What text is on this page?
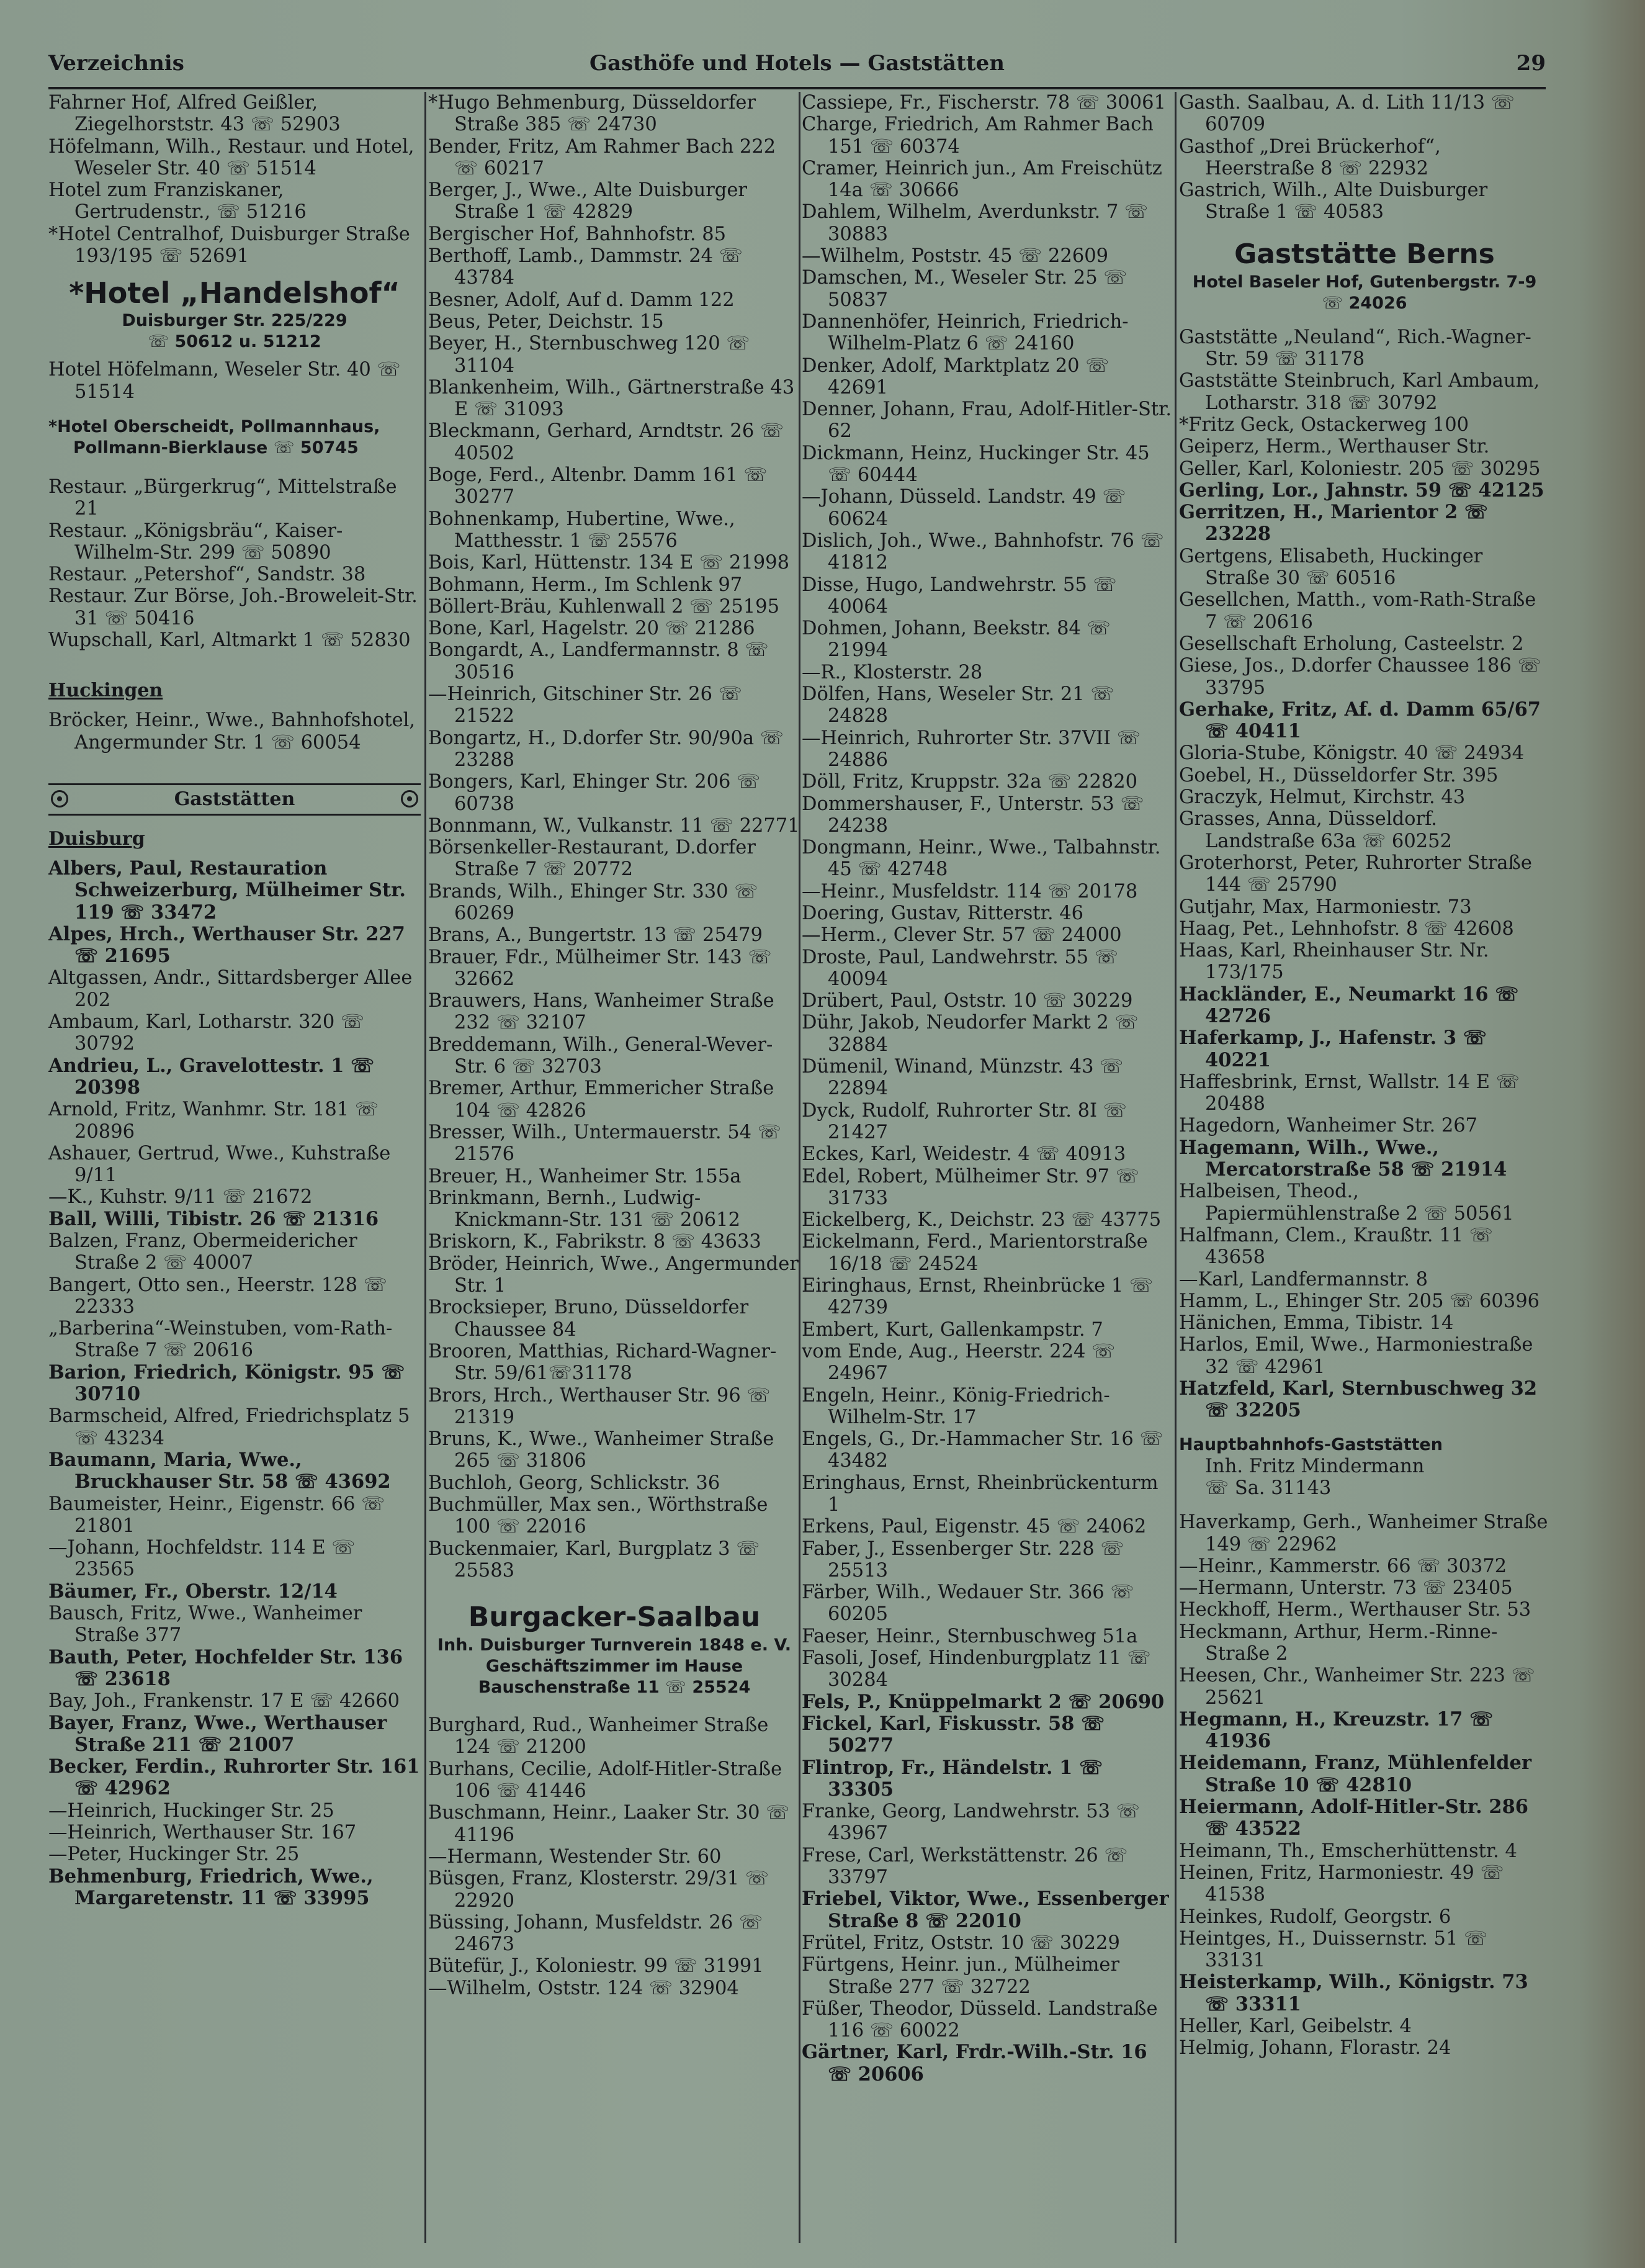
Verzeichnis	Gasthöfe und Hotels — Gaststätten	29
Fahrner Hof, Alfred Geißler, Ziegelhorststr. 43 ☏ 52903
Höfelmann, Wilh., Restaur. und Hotel, Weseler Str. 40 ☏ 51514
Hotel zum Franziskaner, Gertrudenstr., ☏ 51216
*Hotel Centralhof, Duisburger Straße 193/195 ☏ 52691
*Hotel „Handelshof“
Duisburger Str. 225/229
☏ 50612 u. 51212
Hotel Höfelmann, Weseler Str. 40 ☏ 51514
*Hotel Oberscheidt, Pollmannhaus,
Pollmann-Bierklause ☏ 50745
Restaur. „Bürgerkrug“, Mittelstraße 21
Restaur. „Königsbräu“, Kaiser-Wilhelm-Str. 299 ☏ 50890
Restaur. „Petershof“, Sandstr. 38
Restaur. Zur Börse, Joh.-Broweleit-Str. 31 ☏ 50416
Wupschall, Karl, Altmarkt 1 ☏ 52830
Huckingen
Bröcker, Heinr., Wwe., Bahnhofshotel, Angermunder Str. 1 ☏ 60054
Gaststätten
Duisburg
Albers, Paul, Restauration Schweizerburg, Mülheimer Str. 119 ☏ 33472
Alpes, Hrch., Werthauser Str. 227 ☏ 21695
Altgassen, Andr., Sittardsberger Allee 202
Ambaum, Karl, Lotharstr. 320 ☏ 30792
Andrieu, L., Gravelottestr. 1 ☏ 20398
Arnold, Fritz, Wanhmr. Str. 181 ☏ 20896
Ashauer, Gertrud, Wwe., Kuhstraße 9/11
—K., Kuhstr. 9/11 ☏ 21672
Ball, Willi, Tibistr. 26 ☏ 21316
Balzen, Franz, Obermeidericher Straße 2 ☏ 40007
Bangert, Otto sen., Heerstr. 128 ☏ 22333
„Barberina“-Weinstuben, vom-Rath-Straße 7 ☏ 20616
Barion, Friedrich, Königstr. 95 ☏ 30710
Barmscheid, Alfred, Friedrichsplatz 5 ☏ 43234
Baumann, Maria, Wwe., Bruckhauser Str. 58 ☏ 43692
Baumeister, Heinr., Eigenstr. 66 ☏ 21801
—Johann, Hochfeldstr. 114 E ☏ 23565
Bäumer, Fr., Oberstr. 12/14
Bausch, Fritz, Wwe., Wanheimer Straße 377
Bauth, Peter, Hochfelder Str. 136 ☏ 23618
Bay, Joh., Frankenstr. 17 E ☏ 42660
Bayer, Franz, Wwe., Werthauser Straße 211 ☏ 21007
Becker, Ferdin., Ruhrorter Str. 161 ☏ 42962
—Heinrich, Huckinger Str. 25
—Heinrich, Werthauser Str. 167
—Peter, Huckinger Str. 25
Behmenburg, Friedrich, Wwe., Margaretenstr. 11 ☏ 33995
*Hugo Behmenburg, Düsseldorfer Straße 385 ☏ 24730
Bender, Fritz, Am Rahmer Bach 222 ☏ 60217
Berger, J., Wwe., Alte Duisburger Straße 1 ☏ 42829
Bergischer Hof, Bahnhofstr. 85
Berthoff, Lamb., Dammstr. 24 ☏ 43784
Besner, Adolf, Auf d. Damm 122
Beus, Peter, Deichstr. 15
Beyer, H., Sternbuschweg 120 ☏ 31104
Blankenheim, Wilh., Gärtnerstraße 43 E ☏ 31093
Bleckmann, Gerhard, Arndtstr. 26 ☏ 40502
Boge, Ferd., Altenbr. Damm 161 ☏ 30277
Bohnenkamp, Hubertine, Wwe., Matthesstr. 1 ☏ 25576
Bois, Karl, Hüttenstr. 134 E ☏ 21998
Bohmann, Herm., Im Schlenk 97
Böllert-Bräu, Kuhlenwall 2 ☏ 25195
Bone, Karl, Hagelstr. 20 ☏ 21286
Bongardt, A., Landfermannstr. 8 ☏ 30516
—Heinrich, Gitschiner Str. 26 ☏ 21522
Bongartz, H., D.dorfer Str. 90/90a ☏ 23288
Bongers, Karl, Ehinger Str. 206 ☏ 60738
Bonnmann, W., Vulkanstr. 11 ☏ 22771
Börsenkeller-Restaurant, D.dorfer Straße 7 ☏ 20772
Brands, Wilh., Ehinger Str. 330 ☏ 60269
Brans, A., Bungertstr. 13 ☏ 25479
Brauer, Fdr., Mülheimer Str. 143 ☏ 32662
Brauwers, Hans, Wanheimer Straße 232 ☏ 32107
Breddemann, Wilh., General-Wever-Str. 6 ☏ 32703
Bremer, Arthur, Emmericher Straße 104 ☏ 42826
Bresser, Wilh., Untermauerstr. 54 ☏ 21576
Breuer, H., Wanheimer Str. 155a
Brinkmann, Bernh., Ludwig-Knickmann-Str. 131 ☏ 20612
Briskorn, K., Fabrikstr. 8 ☏ 43633
Bröder, Heinrich, Wwe., Angermunder Str. 1
Brocksieper, Bruno, Düsseldorfer Chaussee 84
Brooren, Matthias, Richard-Wagner-Str. 59/61☏31178
Brors, Hrch., Werthauser Str. 96 ☏ 21319
Bruns, K., Wwe., Wanheimer Straße 265 ☏ 31806
Buchloh, Georg, Schlickstr. 36
Buchmüller, Max sen., Wörthstraße 100 ☏ 22016
Buckenmaier, Karl, Burgplatz 3 ☏ 25583
Burgacker-Saalbau
Inh. Duisburger Turnverein 1848 e. V.
Geschäftszimmer im Hause
Bauschenstraße 11 ☏ 25524
Burghard, Rud., Wanheimer Straße 124 ☏ 21200
Burhans, Cecilie, Adolf-Hitler-Straße 106 ☏ 41446
Buschmann, Heinr., Laaker Str. 30 ☏ 41196
—Hermann, Westender Str. 60
Büsgen, Franz, Klosterstr. 29/31 ☏ 22920
Büssing, Johann, Musfeldstr. 26 ☏ 24673
Bütefür, J., Koloniestr. 99 ☏ 31991
—Wilhelm, Oststr. 124 ☏ 32904
Cassiepe, Fr., Fischerstr. 78 ☏ 30061
Charge, Friedrich, Am Rahmer Bach 151 ☏ 60374
Cramer, Heinrich jun., Am Freischütz 14a ☏ 30666
Dahlem, Wilhelm, Averdunkstr. 7 ☏ 30883
—Wilhelm, Poststr. 45 ☏ 22609
Damschen, M., Weseler Str. 25 ☏ 50837
Dannenhöfer, Heinrich, Friedrich-Wilhelm-Platz 6 ☏ 24160
Denker, Adolf, Marktplatz 20 ☏ 42691
Denner, Johann, Frau, Adolf-Hitler-Str. 62
Dickmann, Heinz, Huckinger Str. 45 ☏ 60444
—Johann, Düsseld. Landstr. 49 ☏ 60624
Dislich, Joh., Wwe., Bahnhofstr. 76 ☏ 41812
Disse, Hugo, Landwehrstr. 55 ☏ 40064
Dohmen, Johann, Beekstr. 84 ☏ 21994
—R., Klosterstr. 28
Dölfen, Hans, Weseler Str. 21 ☏ 24828
—Heinrich, Ruhrorter Str. 37VII ☏ 24886
Döll, Fritz, Kruppstr. 32a ☏ 22820
Dommershauser, F., Unterstr. 53 ☏ 24238
Dongmann, Heinr., Wwe., Talbahnstr. 45 ☏ 42748
—Heinr., Musfeldstr. 114 ☏ 20178
Doering, Gustav, Ritterstr. 46
—Herm., Clever Str. 57 ☏ 24000
Droste, Paul, Landwehrstr. 55 ☏ 40094
Drübert, Paul, Oststr. 10 ☏ 30229
Dühr, Jakob, Neudorfer Markt 2 ☏ 32884
Dümenil, Winand, Münzstr. 43 ☏ 22894
Dyck, Rudolf, Ruhrorter Str. 8I ☏ 21427
Eckes, Karl, Weidestr. 4 ☏ 40913
Edel, Robert, Mülheimer Str. 97 ☏ 31733
Eickelberg, K., Deichstr. 23 ☏ 43775
Eickelmann, Ferd., Marientorstraße 16/18 ☏ 24524
Eiringhaus, Ernst, Rheinbrücke 1 ☏ 42739
Embert, Kurt, Gallenkampstr. 7
vom Ende, Aug., Heerstr. 224 ☏ 24967
Engeln, Heinr., König-Friedrich-Wilhelm-Str. 17
Engels, G., Dr.-Hammacher Str. 16 ☏ 43482
Eringhaus, Ernst, Rheinbrückenturm 1
Erkens, Paul, Eigenstr. 45 ☏ 24062
Faber, J., Essenberger Str. 228 ☏ 25513
Färber, Wilh., Wedauer Str. 366 ☏ 60205
Faeser, Heinr., Sternbuschweg 51a
Fasoli, Josef, Hindenburgplatz 11 ☏ 30284
Fels, P., Knüppelmarkt 2 ☏ 20690
Fickel, Karl, Fiskusstr. 58 ☏ 50277
Flintrop, Fr., Händelstr. 1 ☏ 33305
Franke, Georg, Landwehrstr. 53 ☏ 43967
Frese, Carl, Werkstättenstr. 26 ☏ 33797
Friebel, Viktor, Wwe., Essenberger Straße 8 ☏ 22010
Frütel, Fritz, Oststr. 10 ☏ 30229
Fürtgens, Heinr. jun., Mülheimer Straße 277 ☏ 32722
Füßer, Theodor, Düsseld. Landstraße 116 ☏ 60022
Gärtner, Karl, Frdr.-Wilh.-Str. 16 ☏ 20606
Gasth. Saalbau, A. d. Lith 11/13 ☏ 60709
Gasthof „Drei Brückerhof“, Heerstraße 8 ☏ 22932
Gastrich, Wilh., Alte Duisburger Straße 1 ☏ 40583
Gaststätte Berns
Hotel Baseler Hof, Gutenbergstr. 7-9
☏ 24026
Gaststätte „Neuland“, Rich.-Wagner-Str. 59 ☏ 31178
Gaststätte Steinbruch, Karl Ambaum, Lotharstr. 318 ☏ 30792
*Fritz Geck, Ostackerweg 100
Geiperz, Herm., Werthauser Str.
Geller, Karl, Koloniestr. 205 ☏ 30295
Gerling, Lor., Jahnstr. 59 ☏ 42125
Gerritzen, H., Marientor 2 ☏ 23228
Gertgens, Elisabeth, Huckinger Straße 30 ☏ 60516
Gesellchen, Matth., vom-Rath-Straße 7 ☏ 20616
Gesellschaft Erholung, Casteelstr. 2
Giese, Jos., D.dorfer Chaussee 186 ☏ 33795
Gerhake, Fritz, Af. d. Damm 65/67 ☏ 40411
Gloria-Stube, Königstr. 40 ☏ 24934
Goebel, H., Düsseldorfer Str. 395
Graczyk, Helmut, Kirchstr. 43
Grasses, Anna, Düsseldorf. Landstraße 63a ☏ 60252
Groterhorst, Peter, Ruhrorter Straße 144 ☏ 25790
Gutjahr, Max, Harmoniestr. 73
Haag, Pet., Lehnhofstr. 8 ☏ 42608
Haas, Karl, Rheinhauser Str. Nr. 173/175
Hackländer, E., Neumarkt 16 ☏ 42726
Haferkamp, J., Hafenstr. 3 ☏ 40221
Haffesbrink, Ernst, Wallstr. 14 E ☏ 20488
Hagedorn, Wanheimer Str. 267
Hagemann, Wilh., Wwe., Mercatorstraße 58 ☏ 21914
Halbeisen, Theod., Papiermühlenstraße 2 ☏ 50561
Halfmann, Clem., Kraußtr. 11 ☏ 43658
—Karl, Landfermannstr. 8
Hamm, L., Ehinger Str. 205 ☏ 60396
Hänichen, Emma, Tibistr. 14
Harlos, Emil, Wwe., Harmoniestraße 32 ☏ 42961
Hatzfeld, Karl, Sternbuschweg 32 ☏ 32205
Hauptbahnhofs-Gaststätten
Inh. Fritz Mindermann
☏ Sa. 31143
Haverkamp, Gerh., Wanheimer Straße 149 ☏ 22962
—Heinr., Kammerstr. 66 ☏ 30372
—Hermann, Unterstr. 73 ☏ 23405
Heckhoff, Herm., Werthauser Str. 53
Heckmann, Arthur, Herm.-Rinne-Straße 2
Heesen, Chr., Wanheimer Str. 223 ☏ 25621
Hegmann, H., Kreuzstr. 17 ☏ 41936
Heidemann, Franz, Mühlenfelder Straße 10 ☏ 42810
Heiermann, Adolf-Hitler-Str. 286 ☏ 43522
Heimann, Th., Emscherhüttenstr. 4
Heinen, Fritz, Harmoniestr. 49 ☏ 41538
Heinkes, Rudolf, Georgstr. 6
Heintges, H., Duissernstr. 51 ☏ 33131
Heisterkamp, Wilh., Königstr. 73 ☏ 33311
Heller, Karl, Geibelstr. 4
Helmig, Johann, Florastr. 24
